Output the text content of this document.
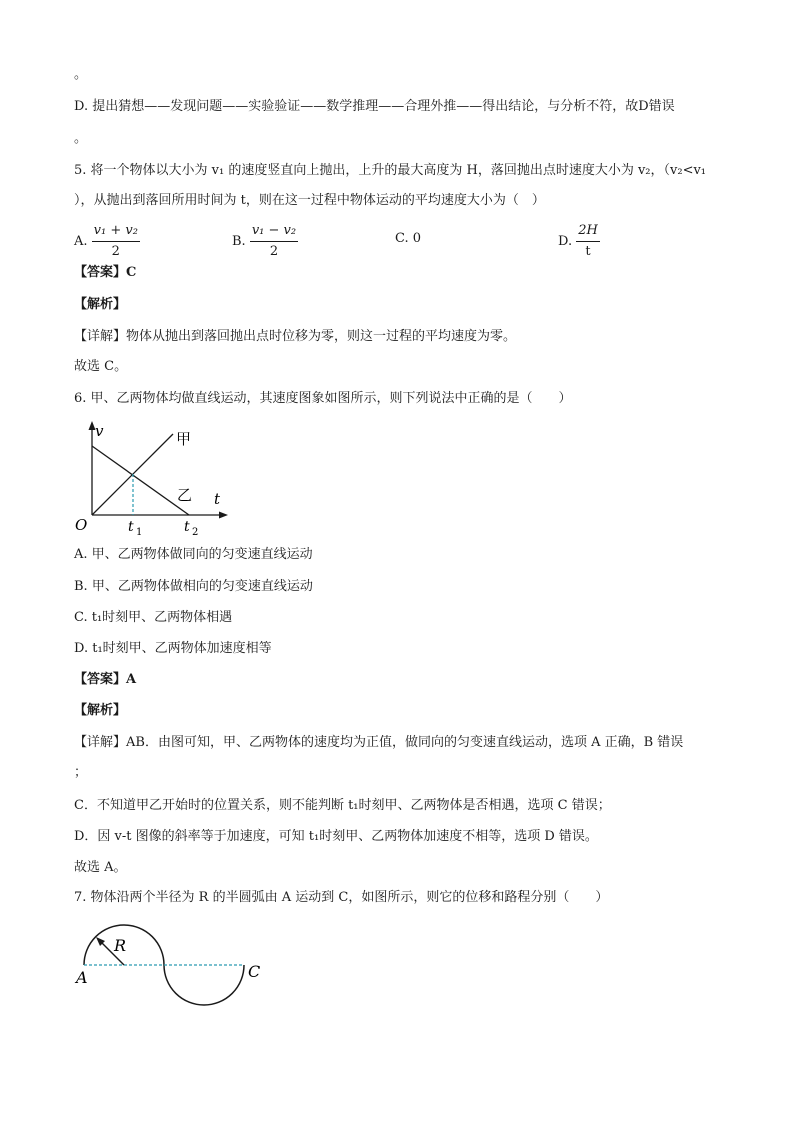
。
D. 提出猜想——发现问题——实验验证——数学推理——合理外推——得出结论，与分析不符，故D错误
。
5. 将一个物体以大小为 v₁ 的速度竖直向上抛出，上升的最大高度为 H，落回抛出点时速度大小为 v₂，（v₂<v₁
），从抛出到落回所用时间为 t，则在这一过程中物体运动的平均速度大小为（　）
A. $\frac{\text{v₁ + v₂}}{2}$	B. $\frac{\text{v₁ − v₂}}{2}$	C. 0	D. $\frac{2H}{t}$
【答案】C
【解析】
【详解】物体从抛出到落回抛出点时位移为零，则这一过程的平均速度为零。
故选 C。
6. 甲、乙两物体均做直线运动，其速度图象如图所示，则下列说法中正确的是（　　）
v	甲
乙 t
O	t 1	t 2
A. 甲、乙两物体做同向的匀变速直线运动
B. 甲、乙两物体做相向的匀变速直线运动
C. t₁时刻甲、乙两物体相遇
D. t₁时刻甲、乙两物体加速度相等
【答案】A
【解析】
【详解】AB．由图可知，甲、乙两物体的速度均为正值，做同向的匀变速直线运动，选项 A 正确，B 错误
；
C．不知道甲乙开始时的位置关系，则不能判断 t₁时刻甲、乙两物体是否相遇，选项 C 错误；
D．因 v-t 图像的斜率等于加速度，可知 t₁时刻甲、乙两物体加速度不相等，选项 D 错误。
故选 A。
7. 物体沿两个半径为 R 的半圆弧由 A 运动到 C，如图所示，则它的位移和路程分别（　　）
R
A	C
